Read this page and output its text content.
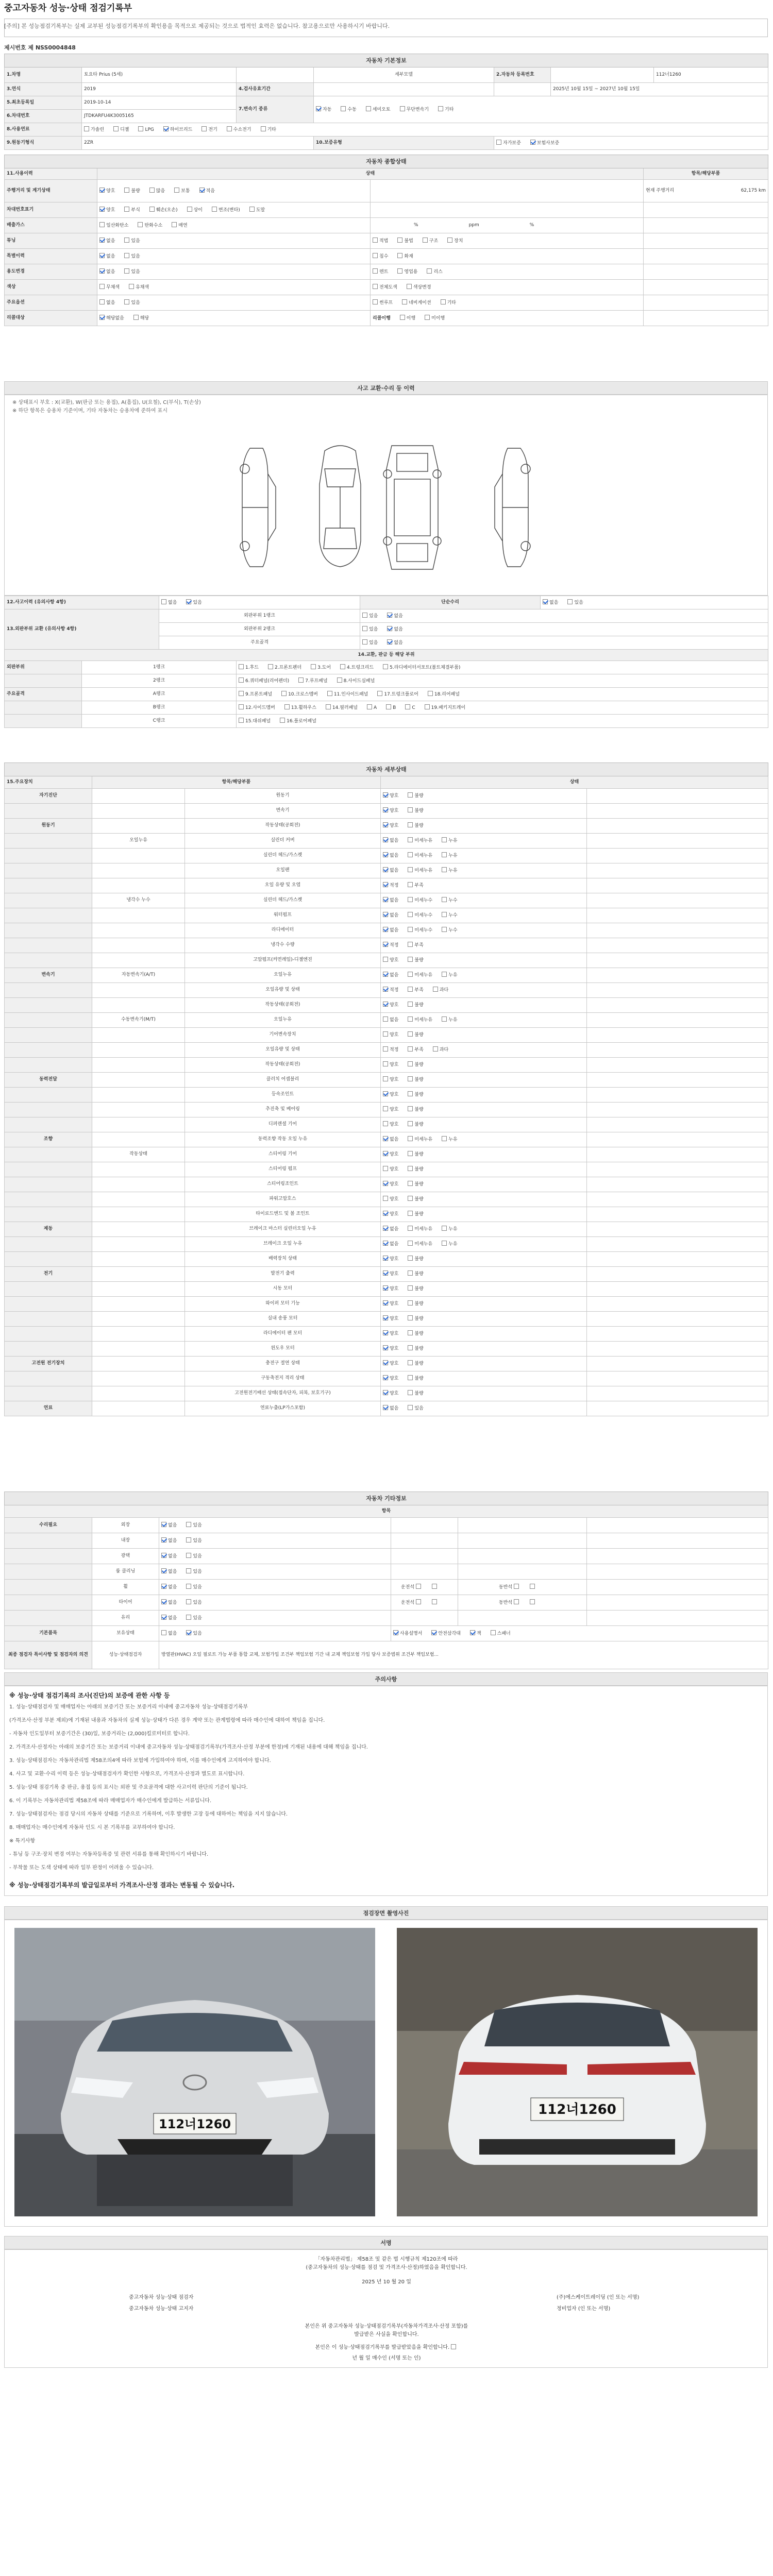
중고자동차 성능·상태 점검기록부
[주의] 본 성능점검기록부는 실제 교부된 성능점검기록부의 확인용을 목적으로 제공되는 것으로 법적인 효력은 없습니다. 참고용으로만 사용하시기 바랍니다.
제시번호 제 NSS0004848
자동차 기본정보						
1.차명	토요타 Prius (5세)		세부모델	2.자동차 등록번호		112너1260
3.연식	2019	4.검사유효기간			2025년 10월 15일 ~ 2027년 10월 15일	
5.최초등록일	2019-10-14	7.변속기 종류	자동 수동 세미오토 무단변속기 기타			
6.차대번호	JTDKARFU4K3005165					
8.사용연료	가솔린 디젤 LPG 하이브리드 전기 수소전기 기타					
9.원동기형식	2ZR		10.보증유형	자가보증 보험사보증		
자동차 종합상태			
11.사용이력	상태		항목/해당부품
주행거리 및 계기상태	양호 불량 많음 보통 적음		현재 주행거리 62,175 km

차대번호표기	양호 부식 훼손(오손) 상이 변조(변타) 도말		
배출가스	일산화탄소 탄화수소 매연	% ppm %	
튜닝	없음 있음	적법 불법 구조 장치	
특별이력	없음 있음	침수 화재	
용도변경	없음 있음	렌트 영업용 리스	
색상	무채색 유채색	전체도색 색상변경	
주요옵션	없음 있음	썬루프 네비게이션 기타	
리콜대상	해당없음 해당	리콜이행 이행 미이행	
사고 교환·수리 등 이력
※ 상태표시 부호 : X(교환), W(판금 또는 용접), A(흠집), U(요철), C(부식), T(손상)
※ 하단 항목은 승용차 기준이며, 기타 자동차는 승용차에 준하여 표시
12.사고이력 (유의사항 4항)		없음 있음		단순수리	없음 있음
13.외판부위 교환 (유의사항 4항)		외판부위 1랭크		있음 없음	
		외판부위 2랭크		있음 없음	
		주요골격		있음 없음	
14.교환, 판금 등 해당 부위					
외판부위	1랭크		1.후드 2.프론트펜더 3.도어 4.트렁크리드 5.라디에이터서포트(볼트체결부품)		
	2랭크		6.쿼터패널(리어펜더) 7.루프패널 8.사이드실패널		
주요골격	A랭크		9.프론트패널 10.크로스멤버 11.인사이드패널 17.트렁크플로어 18.리어패널		
	B랭크		12.사이드멤버 13.휠하우스 14.필러패널 A B C 19.패키지트레이		
	C랭크		15.대쉬패널 16.플로어패널		
자동차 세부상태				
15.주요장치	항목/해당부품		상태	
자기진단		원동기	양호 불량	
		변속기	양호 불량	
원동기		작동상태(공회전)	양호 불량	
	오일누유	실린더 커버	없음 미세누유 누유	
		실린더 헤드/가스켓	없음 미세누유 누유	
		오일팬	없음 미세누유 누유	
		오일 유량 및 오염	적정 부족	
	냉각수 누수	실린더 헤드/가스켓	없음 미세누수 누수	
		워터펌프	없음 미세누수 누수	
		라디에이터	없음 미세누수 누수	
		냉각수 수량	적정 부족	
		고압펌프(커먼레일)-디젤엔진	양호 불량	
변속기	자동변속기(A/T)	오일누유	없음 미세누유 누유	
		오일유량 및 상태	적정 부족 과다	
		작동상태(공회전)	양호 불량	
	수동변속기(M/T)	오일누유	없음 미세누유 누유	
		기어변속장치	양호 불량	
		오일유량 및 상태	적정 부족 과다	
		작동상태(공회전)	양호 불량	
동력전달		클러치 어셈블리	양호 불량	
		등속조인트	양호 불량	
		추진축 및 베어링	양호 불량	
		디퍼렌셜 기어	양호 불량	
조향		동력조향 작동 오일 누유	없음 미세누유 누유	
	작동상태	스티어링 기어	양호 불량	
		스티어링 펌프	양호 불량	
		스티어링조인트	양호 불량	
		파워고압호스	양호 불량	
		타이로드엔드 및 볼 조인트	양호 불량	
제동		브레이크 마스터 실린더오일 누유	없음 미세누유 누유	
		브레이크 오일 누유	없음 미세누유 누유	
		배력장치 상태	양호 불량	
전기		발전기 출력	양호 불량	
		시동 모터	양호 불량	
		와이퍼 모터 기능	양호 불량	
		실내 송풍 모터	양호 불량	
		라디에이터 팬 모터	양호 불량	
		윈도우 모터	양호 불량	
고전원 전기장치		충전구 절연 상태	양호 불량	
		구동축전지 격리 상태	양호 불량	
		고전원전기배선 상태(접속단자, 피복, 보호기구)	양호 불량	
연료		연료누출(LP가스포함)	없음 있음	
자동차 기타정보					
항목					
수리필요	외장	없음 있음			
	내장	없음 있음			
	광택	없음 있음			
	룸 클리닝	없음 있음			
	휠	없음 있음	운전석	동반석	
	타이어	없음 있음	운전석	동반석	
	유리	없음 있음			
기본품목	보유상태	없음 있음	사용설명서 안전삼각대 잭 스패너		
최종 점검자 특이사항 및 점검자의 의견	성능·상태점검자	방열판(HVAC) 오일 필로트 가능 부품 통합 교체, 보험가입 조건부 책임보험 기간 내 교체 책임보험 가입 당사 보증범위 조건부 책임보험...			
주의사항
※ 성능·상태 점검기록의 조사(진단)의 보증에 관한 사항 등
1. 성능·상태점검자 및 매매업자는 아래의 보증기간 또는 보증거리 이내에 중고자동차 성능·상태점검기록부
(가격조사·산정 부분 제외)에 기재된 내용과 자동차의 실제 성능·상태가 다른 경우 계약 또는 관계법령에 따라 매수인에 대하여 책임을 집니다.
- 자동차 인도일부터 보증기간은 (30)일, 보증거리는 (2,000)킬로미터로 합니다.
2. 가격조사·산정자는 아래의 보증기간 또는 보증거리 이내에 중고자동차 성능·상태점검기록부(가격조사·산정 부분에 한정)에 기재된 내용에 대해 책임을 집니다.
3. 성능·상태점검자는 자동차관리법 제58조의4에 따라 보험에 가입하여야 하며, 이를 매수인에게 고지하여야 합니다.
4. 사고 및 교환·수리 이력 등은 성능·상태점검자가 확인한 사항으로, 가격조사·산정과 별도로 표시합니다.
5. 성능·상태 점검기록 중 판금, 용접 등의 표시는 외판 및 주요골격에 대한 사고이력 판단의 기준이 됩니다.
6. 이 기록부는 자동차관리법 제58조에 따라 매매업자가 매수인에게 발급하는 서류입니다.
7. 성능·상태점검자는 점검 당시의 자동차 상태를 기준으로 기록하며, 이후 발생한 고장 등에 대하여는 책임을 지지 않습니다.
8. 매매업자는 매수인에게 자동차 인도 시 본 기록부를 교부하여야 합니다.
※ 특기사항
- 튜닝 등 구조·장치 변경 여부는 자동차등록증 및 관련 서류를 통해 확인하시기 바랍니다.
- 부착물 또는 도색 상태에 따라 일부 판정이 어려울 수 있습니다.
※ 성능·상태점검기록부의 발급일로부터 가격조사·산정 결과는 변동될 수 있습니다.
점검장면 촬영사진
112너1260
112너1260
서명
「자동차관리법」 제58조 및 같은 법 시행규칙 제120조에 따라
(중고자동차의 성능·상태를 점검 및 가격조사·산정)하였음을 확인합니다.
2025 년 10 월 20 일
중고자동차 성능·상태 점검자	(주)에스케이트레이딩 (인 또는 서명)
중고자동차 성능·상태 고지자	정비업자 (인 또는 서명)
본인은 위 중고자동차 성능·상태점검기록부(자동차가격조사·산정 포함)를
발급받은 사실을 확인합니다.
본인은 이 성능·상태점검기록부를 발급받았음을 확인합니다.
년 월 일 매수인 (서명 또는 인)
